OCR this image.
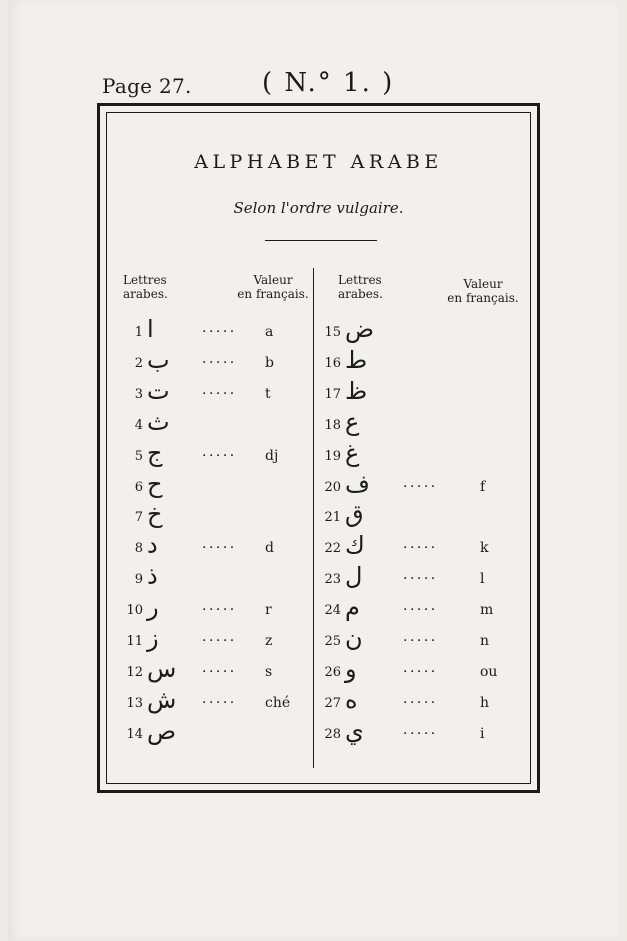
Page 27.	( N.° 1. )
ALPHABET ARABE
Selon l'ordre vulgaire.
Lettres
arabes.
Valeur
en français.
Lettres
arabes.
Valeur
en français.
1 ا	..... a
2 ب ..... b
3 ت ..... t
4 ث
5 ج	..... dj
6 ح
7 خ
8 د	..... d
9 ذ
10 ر	..... r
11 ز	..... z
12 س ..... s
13 ش ..... ché
14 ص
15 ض
16 ط
17 ظ
18 ع
19 غ
20 ف .....	f
21 ق
22 ك	.....	k
23 ل	.....	l
24 م	.....	m
25 ن	.....	n
26 و	.....	ou
27 ه	.....	h
28 ي	.....	i
